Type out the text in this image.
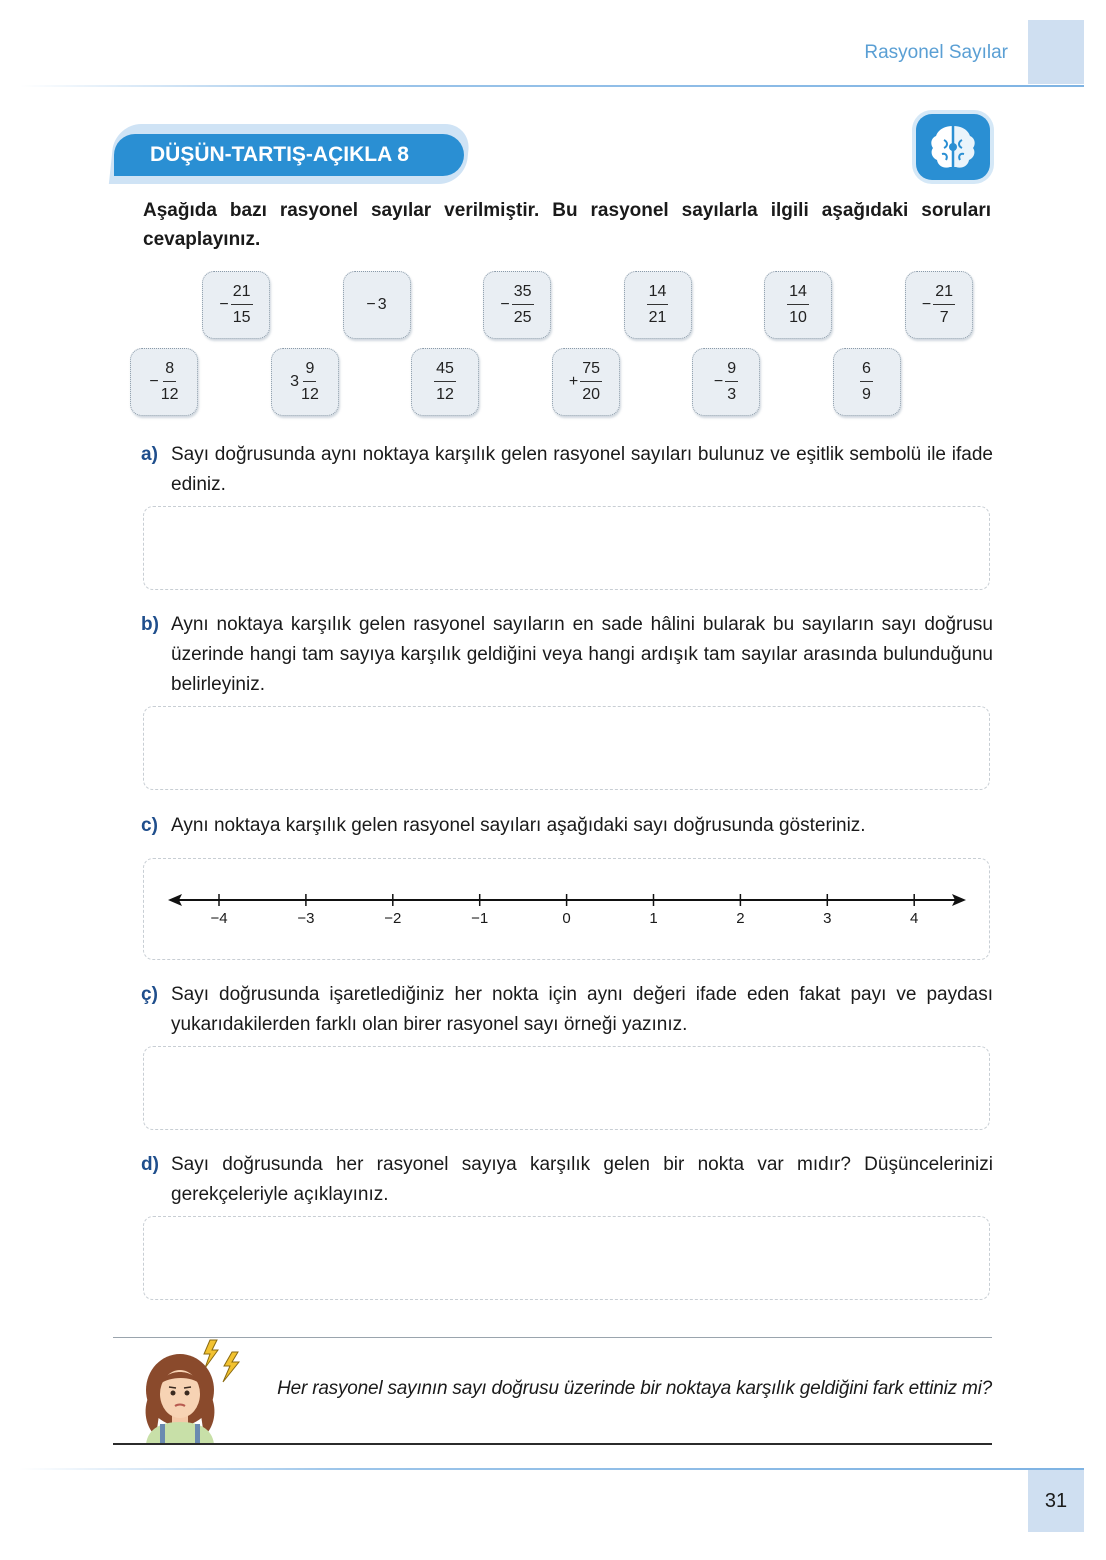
Rasyonel Sayılar
DÜŞÜN-TARTIŞ-AÇIKLA 8
Aşağıda bazı rasyonel sayılar verilmiştir. Bu rasyonel sayılarla ilgili aşağıdaki soruları cevaplayınız.
− $\frac{21}{15}$	− 3	− $\frac{35}{25}$	$\frac{14}{21}$	$\frac{14}{10}$	− $\frac{21}{7}$
− $\frac{8}{12}$	$3 \frac{9}{12}$	$\frac{45}{12}$	+ $\frac{75}{20}$	− $\frac{9}{3}$	$\frac{6}{9}$
a) Sayı doğrusunda aynı noktaya karşılık gelen rasyonel sayıları bulunuz ve eşitlik sembolü ile ifade ediniz.
b) Aynı noktaya karşılık gelen rasyonel sayıların en sade hâlini bularak bu sayıların sayı doğrusu üzerinde hangi tam sayıya karşılık geldiğini veya hangi ardışık tam sayılar arasında bulunduğunu belirleyiniz.
c) Aynı noktaya karşılık gelen rasyonel sayıları aşağıdaki sayı doğrusunda gösteriniz.
−4	−3	−2	−1	0	1	2	3	4
ç) Sayı doğrusunda işaretlediğiniz her nokta için aynı değeri ifade eden fakat payı ve paydası yukarıdakilerden farklı olan birer rasyonel sayı örneği yazınız.
d) Sayı doğrusunda her rasyonel sayıya karşılık gelen bir nokta var mıdır? Düşüncelerinizi gerekçeleriyle açıklayınız.
Her rasyonel sayının sayı doğrusu üzerinde bir noktaya karşılık geldiğini fark ettiniz mi?
31
